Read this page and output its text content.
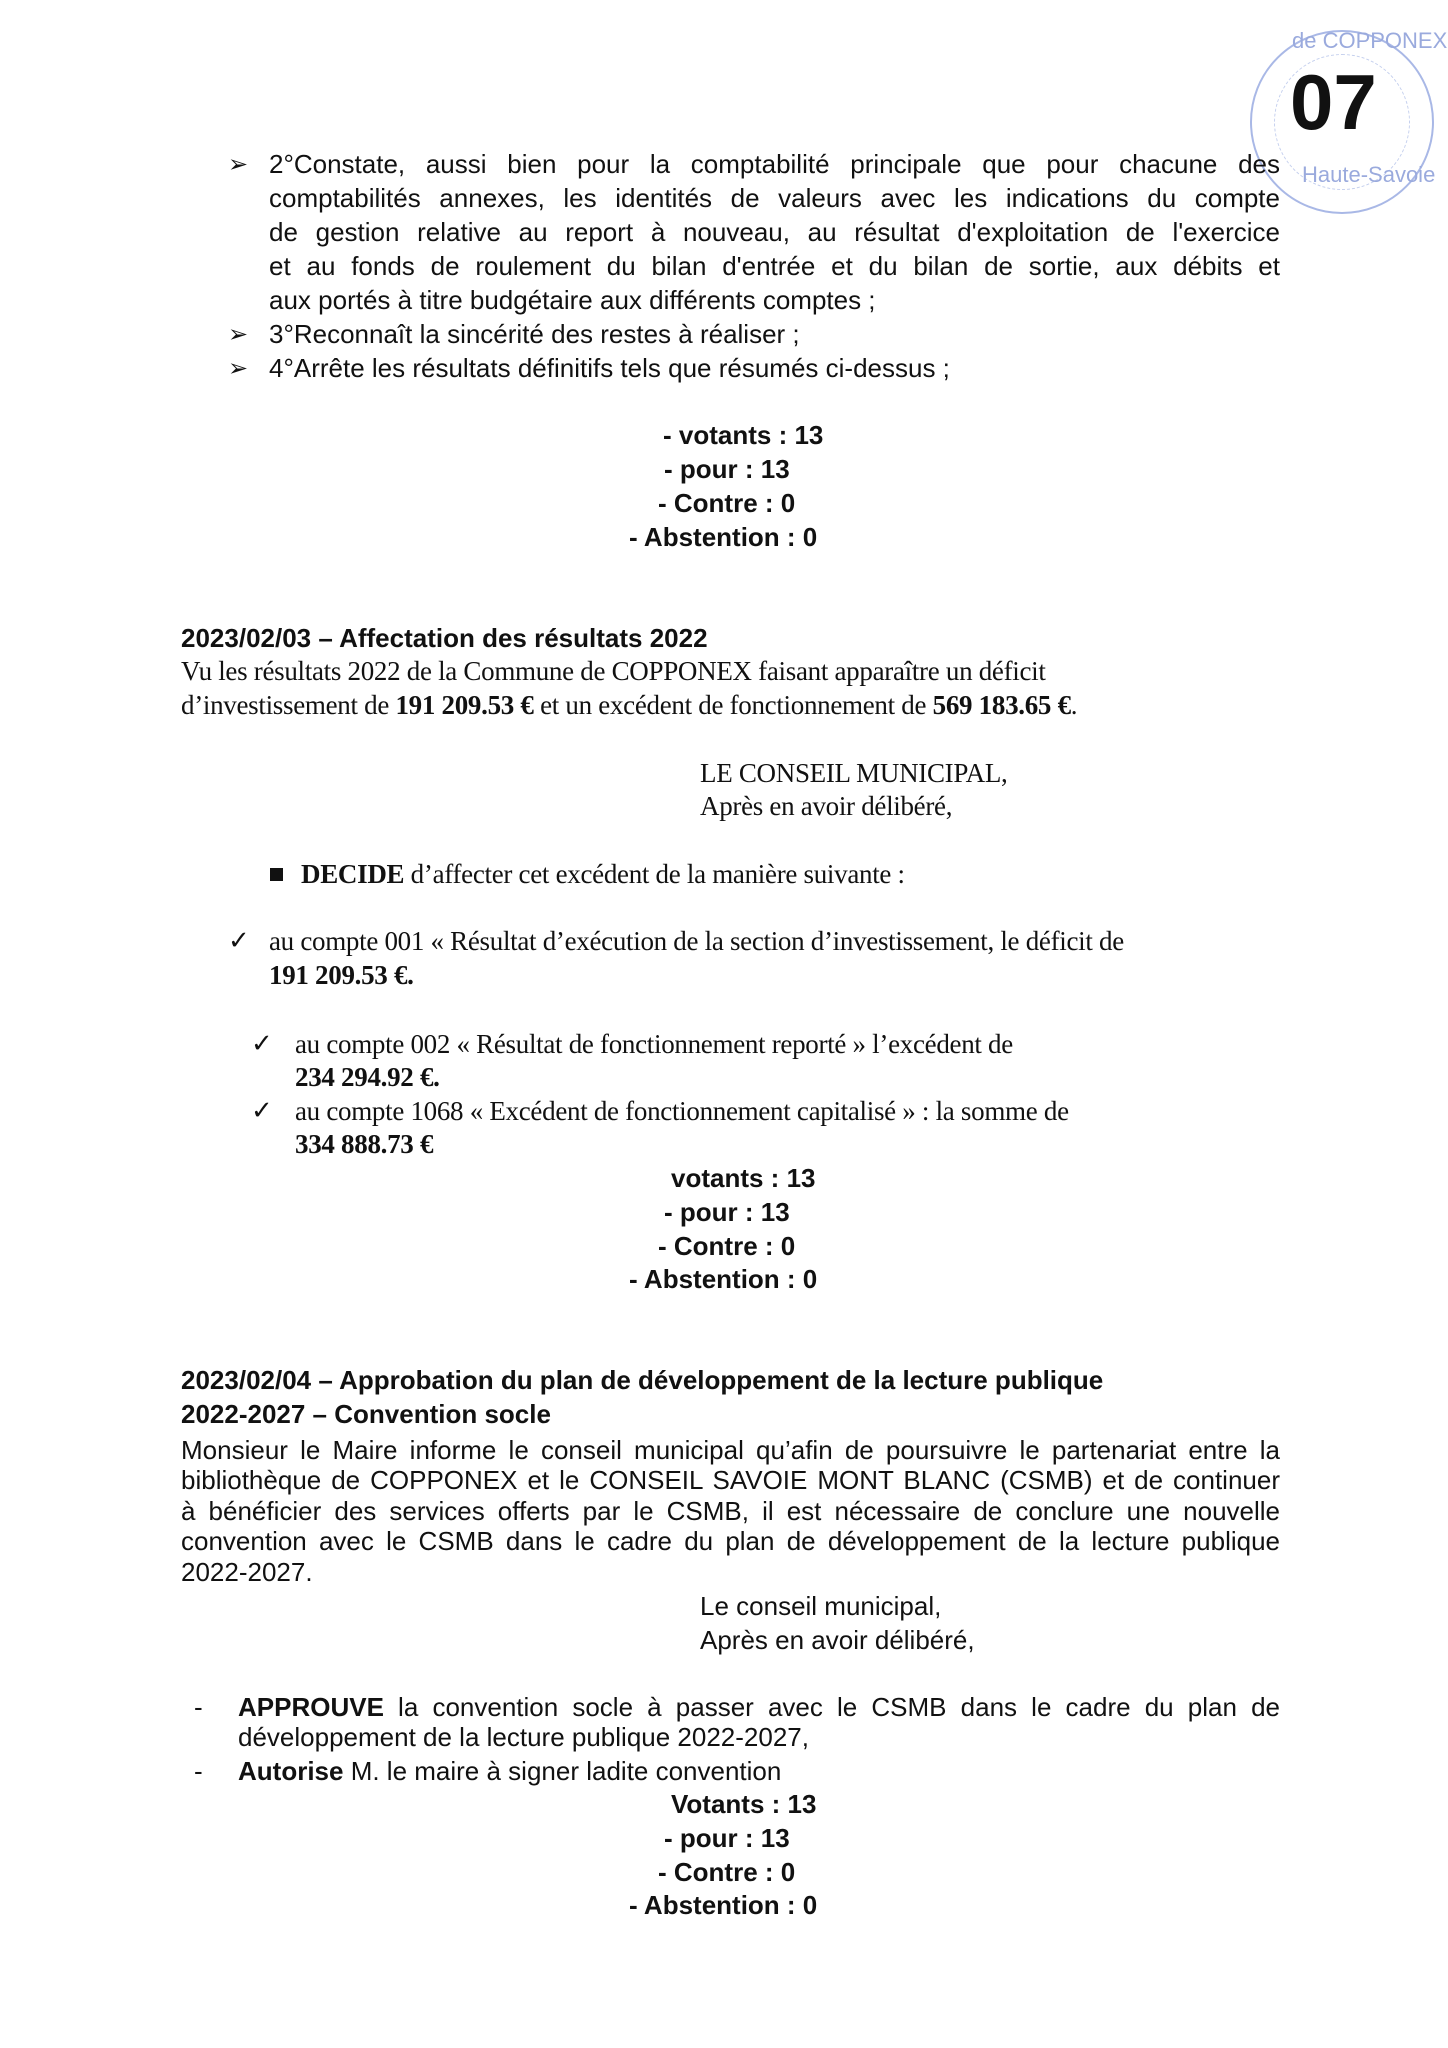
de COPPONEX
Haute-Savoie
07
➢ 2°Constate, aussi bien pour la comptabilité principale que pour chacune des
comptabilités annexes, les identités de valeurs avec les indications du compte
de gestion relative au report à nouveau, au résultat d'exploitation de l'exercice
et au fonds de roulement du bilan d'entrée et du bilan de sortie, aux débits et
aux portés à titre budgétaire aux différents comptes ;
➢ 3°Reconnaît la sincérité des restes à réaliser ;
➢ 4°Arrête les résultats définitifs tels que résumés ci-dessus ;
- votants : 13
- pour : 13
- Contre : 0
- Abstention : 0
2023/02/03 – Affectation des résultats 2022
Vu les résultats 2022 de la Commune de COPPONEX faisant apparaître un déficit
d’investissement de 191 209.53 € et un excédent de fonctionnement de 569 183.65 €.
LE CONSEIL MUNICIPAL,
Après en avoir délibéré,
DECIDE d’affecter cet excédent de la manière suivante :
✓ au compte 001 « Résultat d’exécution de la section d’investissement, le déficit de
191 209.53 €.
✓ au compte 002 « Résultat de fonctionnement reporté » l’excédent de
234 294.92 €.
✓ au compte 1068 « Excédent de fonctionnement capitalisé » : la somme de
334 888.73 €
votants : 13
- pour : 13
- Contre : 0
- Abstention : 0
2023/02/04 – Approbation du plan de développement de la lecture publique
2022-2027 – Convention socle
Monsieur le Maire informe le conseil municipal qu’afin de poursuivre le partenariat entre la
bibliothèque de COPPONEX et le CONSEIL SAVOIE MONT BLANC (CSMB) et de continuer
à bénéficier des services offerts par le CSMB, il est nécessaire de conclure une nouvelle
convention avec le CSMB dans le cadre du plan de développement de la lecture publique
2022-2027.
Le conseil municipal,
Après en avoir délibéré,
- APPROUVE la convention socle à passer avec le CSMB dans le cadre du plan de
développement de la lecture publique 2022-2027,
- Autorise M. le maire à signer ladite convention
Votants : 13
- pour : 13
- Contre : 0
- Abstention : 0
